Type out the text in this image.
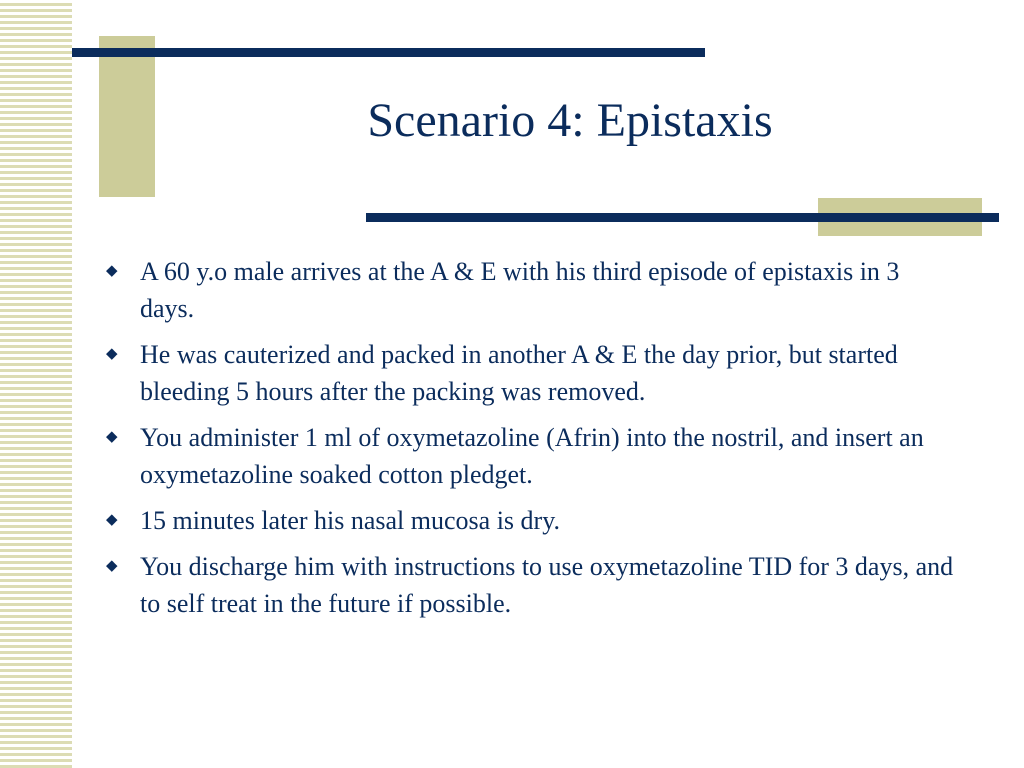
Scenario 4: Epistaxis
◆ A 60 y.o male arrives at the A & E with his third episode of epistaxis in 3 days.
◆ He was cauterized and packed in another A & E the day prior, but started bleeding 5 hours after the packing was removed.
◆ You administer 1 ml of oxymetazoline (Afrin) into the nostril, and insert an oxymetazoline soaked cotton pledget.
◆ 15 minutes later his nasal mucosa is dry.
◆ You discharge him with instructions to use oxymetazoline TID for 3 days, and to self treat in the future if possible.
